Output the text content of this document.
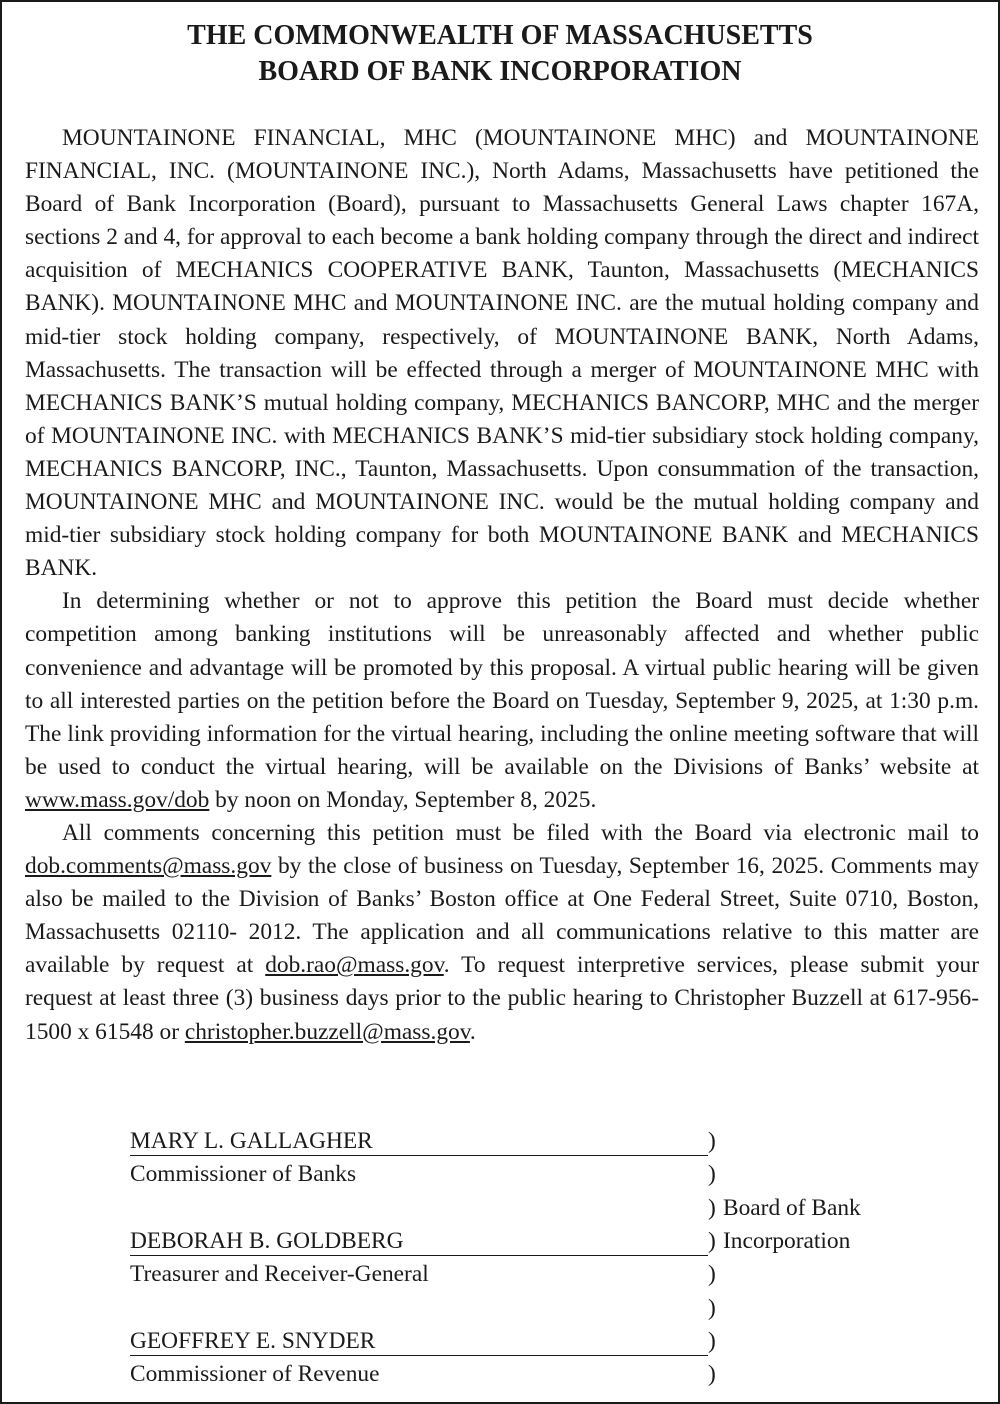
THE COMMONWEALTH OF MASSACHUSETTS
BOARD OF BANK INCORPORATION

MOUNTAINONE FINANCIAL, MHC (MOUNTAINONE MHC) and MOUNTAINONE FINANCIAL, INC. (MOUNTAINONE INC.), North Adams, Massachusetts have petitioned the Board of Bank Incorporation (Board), pursuant to Massachusetts General Laws chapter 167A, sections 2 and 4, for approval to each become a bank holding company through the direct and indirect acquisition of MECHANICS COOPERATIVE BANK, Taunton, Massachusetts (MECHANICS BANK). MOUNTAINONE MHC and MOUNTAINONE INC. are the mutual holding company and mid-tier stock holding company, respectively, of MOUNTAINONE BANK, North Adams, Massachusetts. The transaction will be effected through a merger of MOUNTAINONE MHC with MECHANICS BANK’S mutual holding company, MECHANICS BANCORP, MHC and the merger of MOUNTAINONE INC. with MECHANICS BANK’S mid-tier subsidiary stock holding company, MECHANICS BANCORP, INC., Taunton, Massachusetts. Upon consummation of the transaction, MOUNTAINONE MHC and MOUNTAINONE INC. would be the mutual holding company and mid-tier subsidiary stock holding company for both MOUNTAINONE BANK and MECHANICS BANK.

In determining whether or not to approve this petition the Board must decide whether competition among banking institutions will be unreasonably affected and whether public convenience and advantage will be promoted by this proposal. A virtual public hearing will be given to all interested parties on the petition before the Board on Tuesday, September 9, 2025, at 1:30 p.m. The link providing information for the virtual hearing, including the online meeting software that will be used to conduct the virtual hearing, will be available on the Divisions of Banks’ website at www.mass.gov/dob by noon on Monday, September 8, 2025.

All comments concerning this petition must be filed with the Board via electronic mail to dob.comments@mass.gov by the close of business on Tuesday, September 16, 2025. Comments may also be mailed to the Division of Banks’ Boston office at One Federal Street, Suite 0710, Boston, Massachusetts 02110- 2012. The application and all communications relative to this matter are available by request at dob.rao@mass.gov. To request interpretive services, please submit your request at least three (3) business days prior to the public hearing to Christopher Buzzell at 617-956-1500 x 61548 or christopher.buzzell@mass.gov.

MARY L. GALLAGHER
Commissioner of Banks
DEBORAH B. GOLDBERG
Treasurer and Receiver-General
GEOFFREY E. SNYDER
Commissioner of Revenue
)
)
)
)
)
)
)
)
Board of Bank
Incorporation
